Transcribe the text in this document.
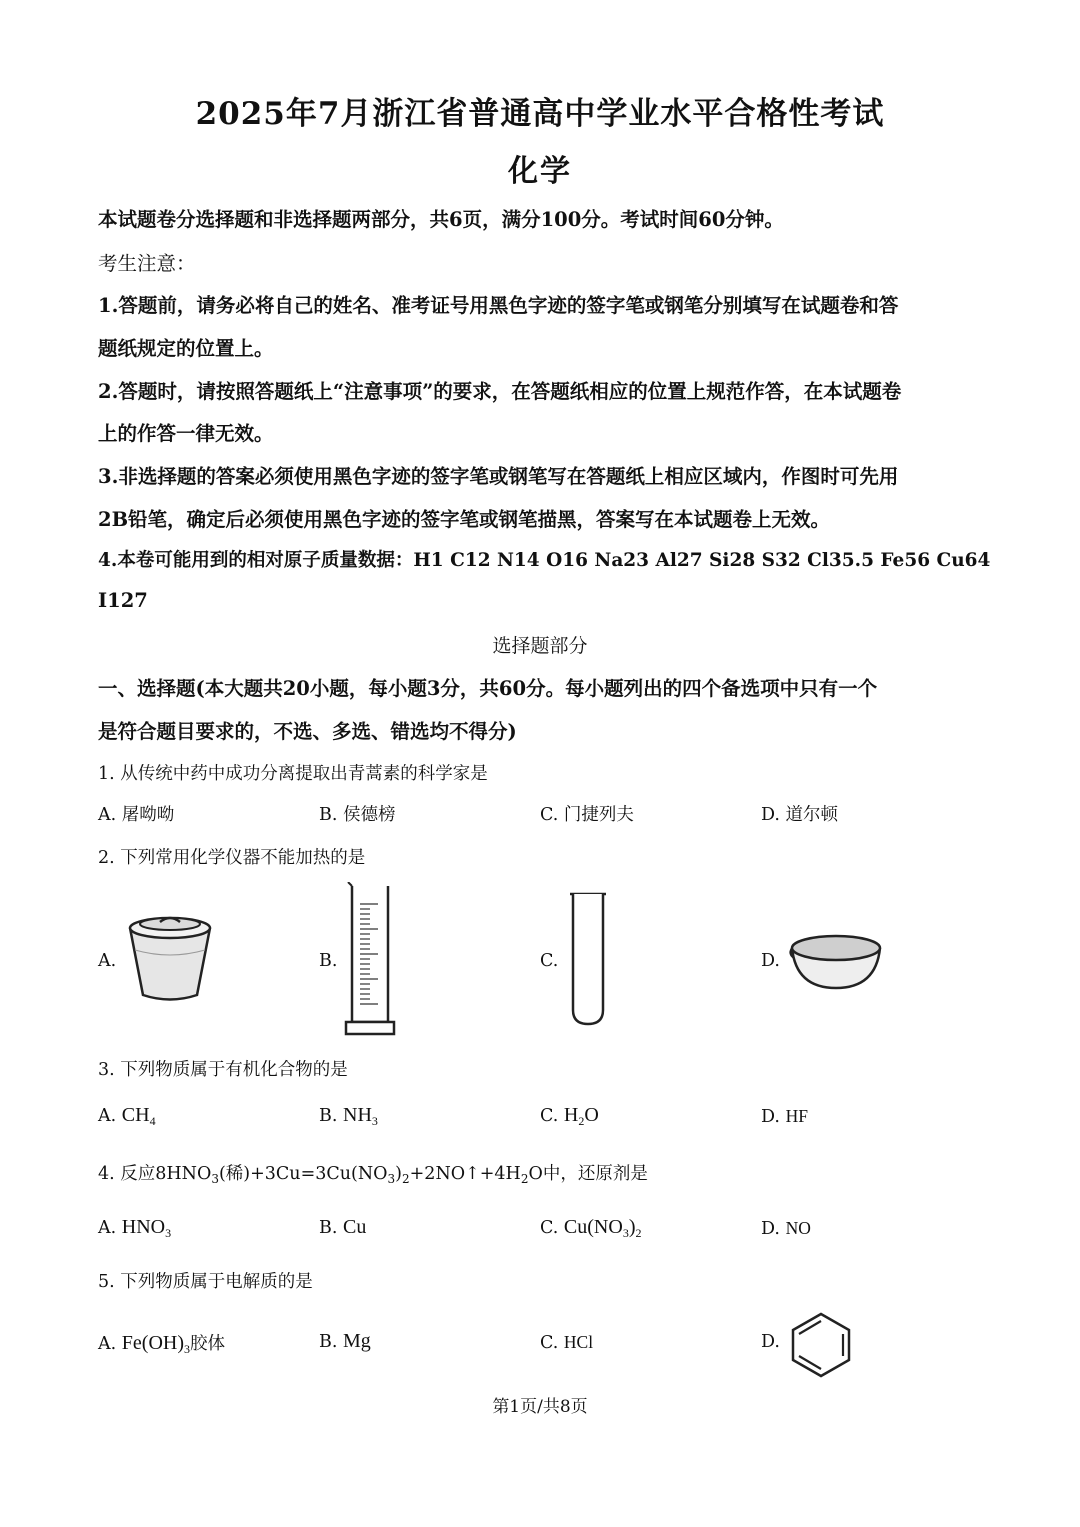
2025年7月浙江省普通高中学业水平合格性考试
化学
本试题卷分选择题和非选择题两部分，共6页，满分100分。考试时间60分钟。
考生注意：
1.答题前，请务必将自己的姓名、准考证号用黑色字迹的签字笔或钢笔分别填写在试题卷和答
题纸规定的位置上。
2.答题时，请按照答题纸上“注意事项”的要求，在答题纸相应的位置上规范作答，在本试题卷
上的作答一律无效。
3.非选择题的答案必须使用黑色字迹的签字笔或钢笔写在答题纸上相应区域内，作图时可先用
2B铅笔，确定后必须使用黑色字迹的签字笔或钢笔描黑，答案写在本试题卷上无效。
4.本卷可能用到的相对原子质量数据：H1 C12 N14 O16 Na23 Al27 Si28 S32 Cl35.5 Fe56 Cu64
I127
选择题部分
一、选择题(本大题共20小题，每小题3分，共60分。每小题列出的四个备选项中只有一个
是符合题目要求的，不选、多选、错选均不得分)
1. 从传统中药中成功分离提取出青蒿素的科学家是
A. 屠呦呦	B. 侯德榜	C. 门捷列夫	D. 道尔顿
2. 下列常用化学仪器不能加热的是
A.	B.	C.	D.
3. 下列物质属于有机化合物的是
A. $CH_4$	B. $NH_3$	C. $H_2O$	D. HF
4. 反应$8HNO_3$(稀)$+3Cu=3Cu(NO_3)_2+2NO↑+4H_2O$中，还原剂是
A. $HNO_3$	B. Cu	C. $Cu(NO_3)_2$	D. NO
5. 下列物质属于电解质的是
A. $Fe(OH)_3$胶体	B. Mg	C. HCl	D.
第1页/共8页
